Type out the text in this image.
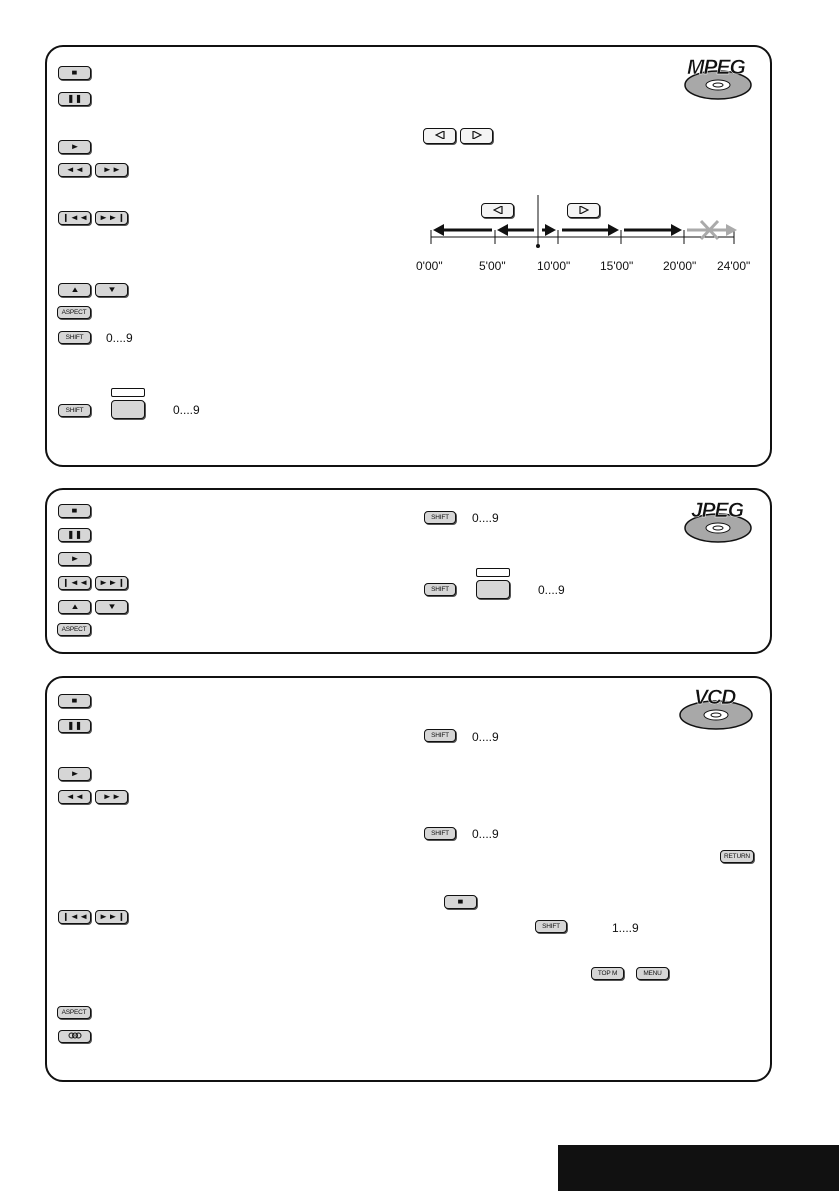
MPEG
■
❚❚
►
◄◄ ►►
❙◄◄ ►►❙
▲	▼
ASPECT
SHIFT	0....9
SHIFT	0....9
0'00"	5'00"	10'00" 15'00" 20'00" 24'00"
JPEG
■
❚❚
►
❙◄◄ ►►❙
▲	▼
ASPECT
SHIFT	0....9
SHIFT	0....9
VCD
■
❚❚
►
◄◄ ►►
❙◄◄ ►►❙
ASPECT
SHIFT	0....9
SHIFT	0....9
RETURN
■
SHIFT	1....9
TOP M	MENU
